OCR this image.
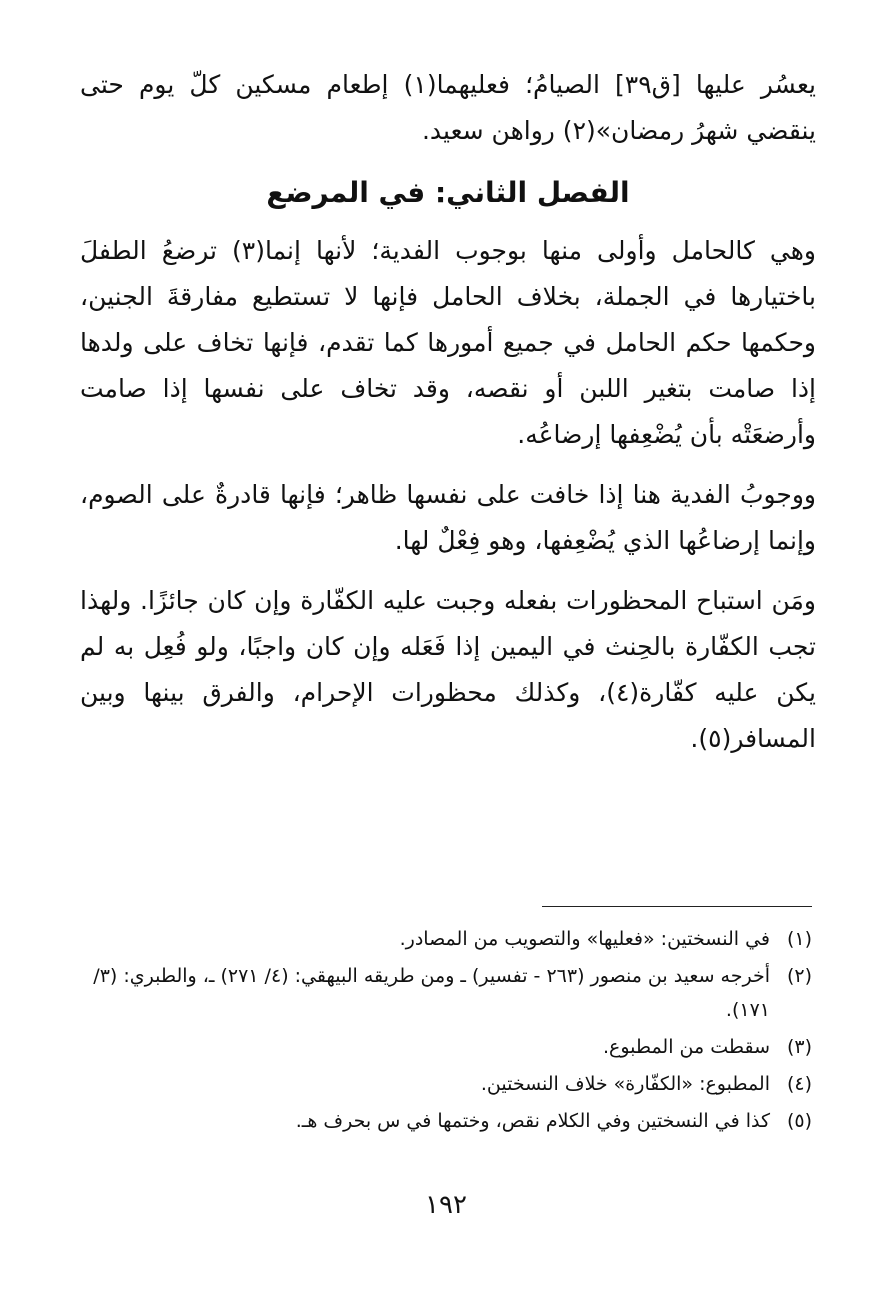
يعسُر عليها [ق٣٩] الصيامُ؛ فعليهما(١) إطعام مسكين كلّ يوم حتى ينقضي شهرُ رمضان»(٢) رواهن سعيد.

الفصل الثاني: في المرضع

وهي كالحامل وأولى منها بوجوب الفدية؛ لأنها إنما(٣) ترضعُ الطفلَ باختيارها في الجملة، بخلاف الحامل فإنها لا تستطيع مفارقةَ الجنين، وحكمها حكم الحامل في جميع أمورها كما تقدم، فإنها تخاف على ولدها إذا صامت بتغير اللبن أو نقصه، وقد تخاف على نفسها إذا صامت وأرضعَتْه بأن يُضْعِفها إرضاعُه.

ووجوبُ الفدية هنا إذا خافت على نفسها ظاهر؛ فإنها قادرةٌ على الصوم، وإنما إرضاعُها الذي يُضْعِفها، وهو فِعْلٌ لها.

ومَن استباح المحظورات بفعله وجبت عليه الكفّارة وإن كان جائزًا. ولهذا تجب الكفّارة بالحِنث في اليمين إذا فَعَله وإن كان واجبًا، ولو فُعِل به لم يكن عليه كفّارة(٤)، وكذلك محظورات الإحرام، والفرق بينها وبين المسافر(٥).

(١)
في النسختين: «فعليها» والتصويب من المصادر.
(٢)
أخرجه سعيد بن منصور (٢٦٣ - تفسير) ـ ومن طريقه البيهقي: (٤/ ٢٧١) ـ، والطبري: (٣/ ١٧١).
(٣)
سقطت من المطبوع.
(٤)
المطبوع: «الكفّارة» خلاف النسختين.
(٥)
كذا في النسختين وفي الكلام نقص، وختمها في س بحرف هـ.
١٩٢
